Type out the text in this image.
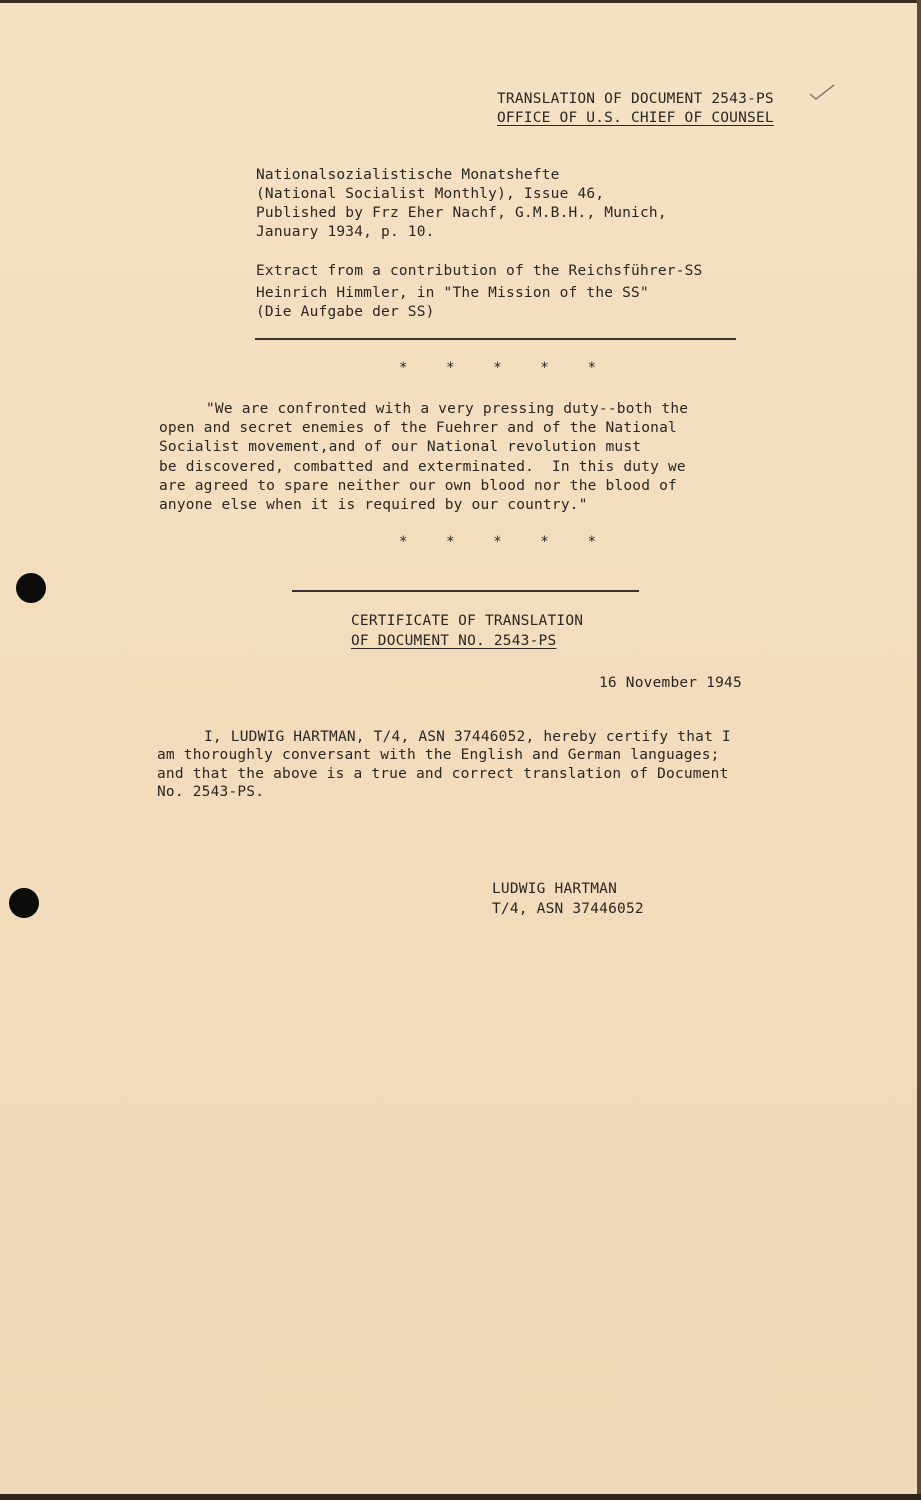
TRANSLATION OF DOCUMENT 2543-PS
OFFICE OF U.S. CHIEF OF COUNSEL
Nationalsozialistische Monatshefte
(National Socialist Monthly), Issue 46,
Published by Frz Eher Nachf, G.M.B.H., Munich,
January 1934, p. 10.
Extract from a contribution of the Reichsführer-SS
Heinrich Himmler, in "The Mission of the SS"
(Die Aufgabe der SS)
*    *    *    *    *
"We are confronted with a very pressing duty--both the
open and secret enemies of the Fuehrer and of the National
Socialist movement,and of our National revolution must
be discovered, combatted and exterminated.  In this duty we
are agreed to spare neither our own blood nor the blood of
anyone else when it is required by our country."
*    *    *    *    *
CERTIFICATE OF TRANSLATION
OF DOCUMENT NO. 2543-PS
16 November 1945
I, LUDWIG HARTMAN, T/4, ASN 37446052, hereby certify that I
am thoroughly conversant with the English and German languages;
and that the above is a true and correct translation of Document
No. 2543-PS.
LUDWIG HARTMAN
T/4, ASN 37446052
